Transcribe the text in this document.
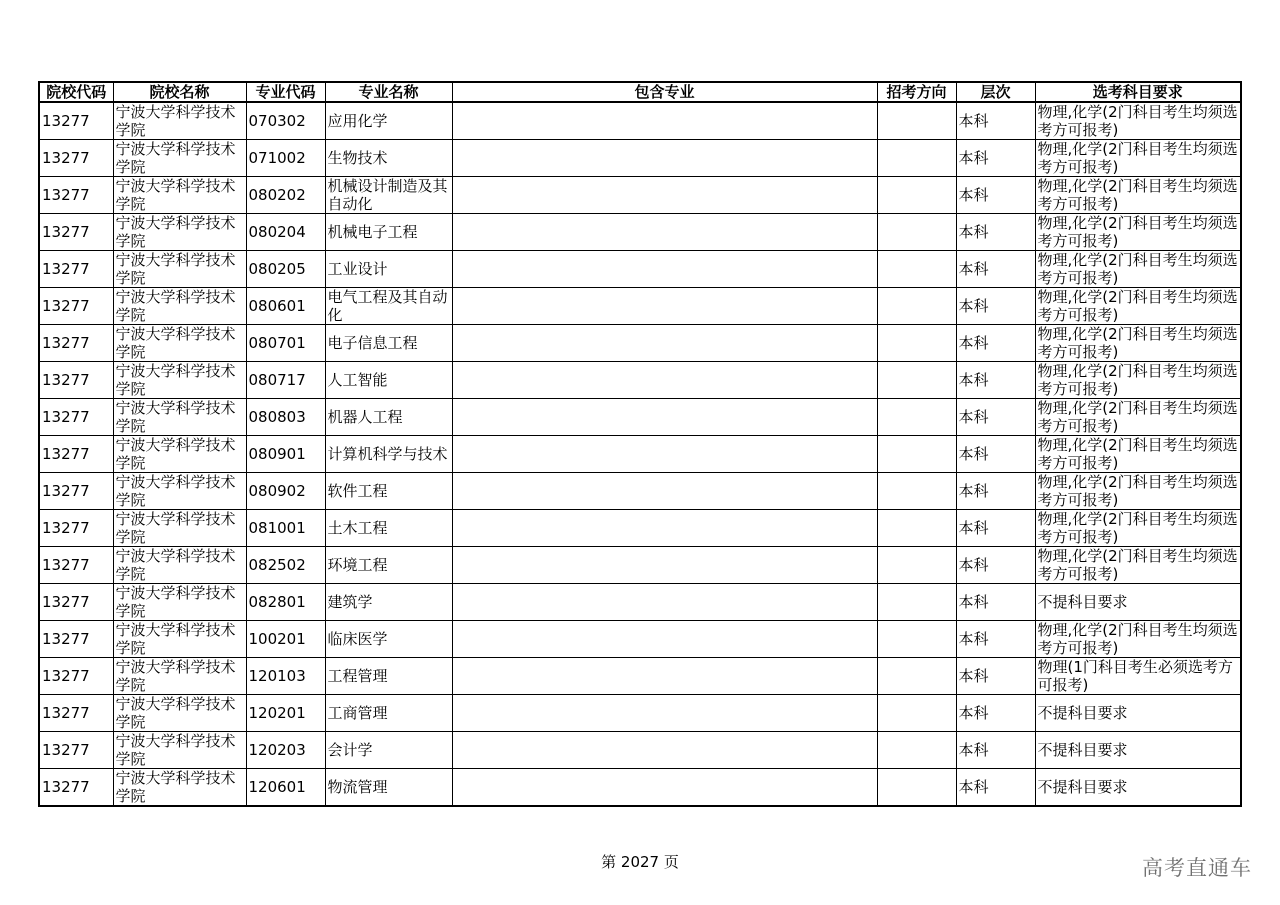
院校代码	院校名称	专业代码	专业名称	包含专业	招考方向	层次	选考科目要求
13277	宁波大学科学技术学院	070302	应用化学			本科	物理,化学(2门科目考生均须选考方可报考)
13277	宁波大学科学技术学院	071002	生物技术			本科	物理,化学(2门科目考生均须选考方可报考)
13277	宁波大学科学技术学院	080202	机械设计制造及其自动化			本科	物理,化学(2门科目考生均须选考方可报考)
13277	宁波大学科学技术学院	080204	机械电子工程			本科	物理,化学(2门科目考生均须选考方可报考)
13277	宁波大学科学技术学院	080205	工业设计			本科	物理,化学(2门科目考生均须选考方可报考)
13277	宁波大学科学技术学院	080601	电气工程及其自动化			本科	物理,化学(2门科目考生均须选考方可报考)
13277	宁波大学科学技术学院	080701	电子信息工程			本科	物理,化学(2门科目考生均须选考方可报考)
13277	宁波大学科学技术学院	080717	人工智能			本科	物理,化学(2门科目考生均须选考方可报考)
13277	宁波大学科学技术学院	080803	机器人工程			本科	物理,化学(2门科目考生均须选考方可报考)
13277	宁波大学科学技术学院	080901	计算机科学与技术			本科	物理,化学(2门科目考生均须选考方可报考)
13277	宁波大学科学技术学院	080902	软件工程			本科	物理,化学(2门科目考生均须选考方可报考)
13277	宁波大学科学技术学院	081001	土木工程			本科	物理,化学(2门科目考生均须选考方可报考)
13277	宁波大学科学技术学院	082502	环境工程			本科	物理,化学(2门科目考生均须选考方可报考)
13277	宁波大学科学技术学院	082801	建筑学			本科	不提科目要求
13277	宁波大学科学技术学院	100201	临床医学			本科	物理,化学(2门科目考生均须选考方可报考)
13277	宁波大学科学技术学院	120103	工程管理			本科	物理(1门科目考生必须选考方可报考)
13277	宁波大学科学技术学院	120201	工商管理			本科	不提科目要求
13277	宁波大学科学技术学院	120203	会计学			本科	不提科目要求
13277	宁波大学科学技术学院	120601	物流管理			本科	不提科目要求
第 2027 页	高考直通车
